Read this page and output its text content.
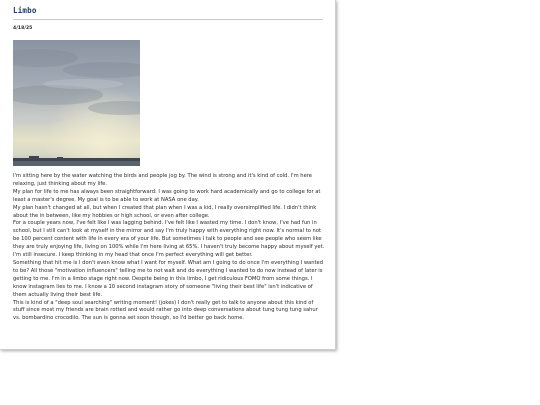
Limbo
4/18/25

I'm sitting here by the water watching the birds and people jog by. The wind is strong and it's kind of cold. I'm here relaxing, just thinking about my life.

My plan for life to me has always been straightforward: I was going to work hard academically and go to college for at least a master's degree. My goal is to be able to work at NASA one day.

My plan hasn't changed at all, but when I created that plan when I was a kid, I really oversimplified life. I didn't think about the in between, like my hobbies or high school, or even after college.

For a couple years now, I've felt like I was lagging behind. I've felt like I wasted my time. I don't know, I've had fun in school, but I still can't look at myself in the mirror and say I'm truly happy with everything right now. It's normal to not be 100 percent content with life in every era of your life. But sometimes I talk to people and see people who seem like they are truly enjoying life, living on 100% while I'm here living at 65%. I haven't truly become happy about myself yet. I'm still insecure. I keep thinking in my head that once I'm perfect everything will get better.

Something that hit me is I don't even know what I want for myself. What am I going to do once I'm everything I wanted to be? All those "motivation influencers" telling me to not wait and do everything I wanted to do now instead of later is getting to me. I'm in a limbo stage right now. Despite being in this limbo, I get ridiculous FOMO from some things. I know instagram lies to me. I know a 10 second instagram story of someone "living their best life" isn't indicative of them actually living their best life.

This is kind of a "deep soul searching" writing moment! (jokes) I don't really get to talk to anyone about this kind of stuff since most my friends are brain rotted and would rather go into deep conversations about tung tung tung sahur vs. bombardino crocodilo. The sun is gonna set soon though, so I'd better go back home.
